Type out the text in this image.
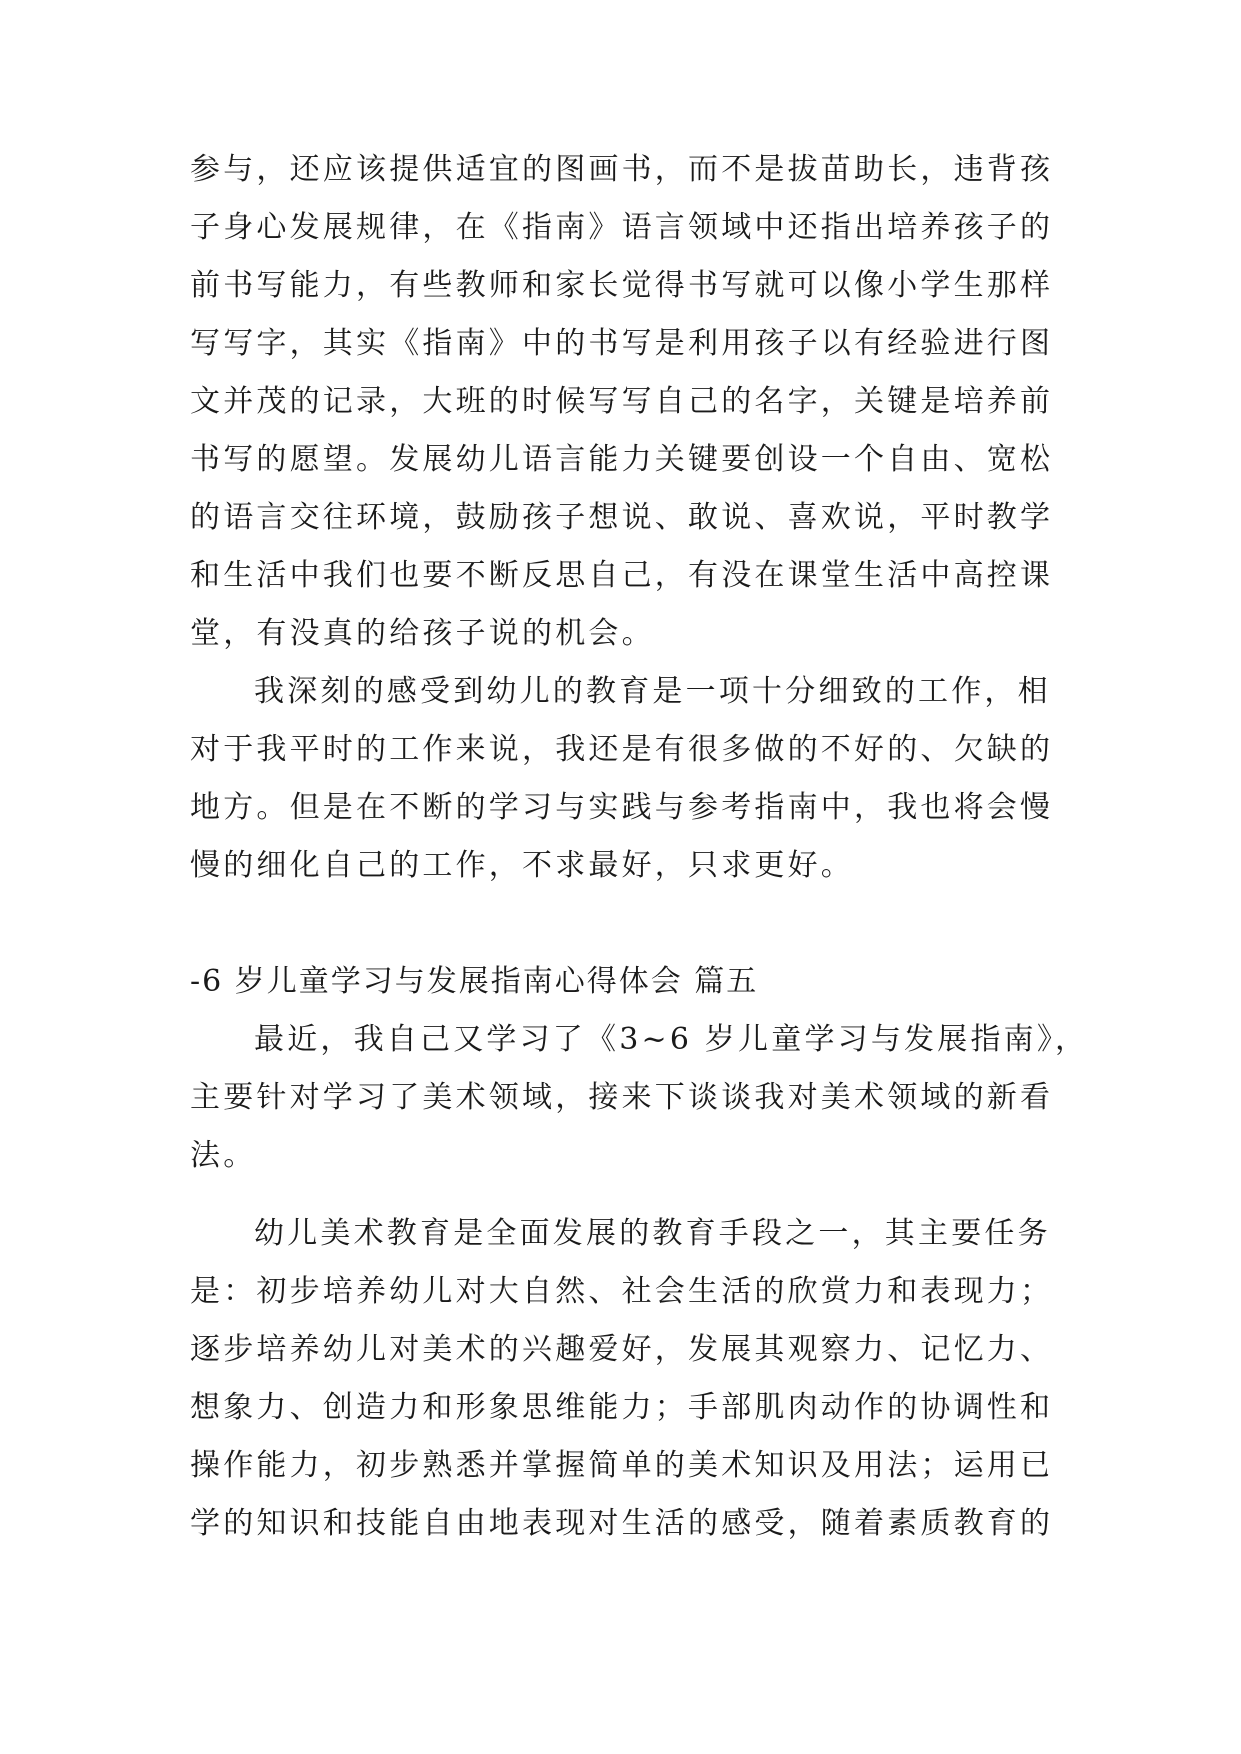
参与，还应该提供适宜的图画书，而不是拔苗助长，违背孩
子身心发展规律，在《指南》语言领域中还指出培养孩子的
前书写能力，有些教师和家长觉得书写就可以像小学生那样
写写字，其实《指南》中的书写是利用孩子以有经验进行图
文并茂的记录，大班的时候写写自己的名字，关键是培养前
书写的愿望。发展幼儿语言能力关键要创设一个自由、宽松
的语言交往环境，鼓励孩子想说、敢说、喜欢说，平时教学
和生活中我们也要不断反思自己，有没在课堂生活中高控课
堂，有没真的给孩子说的机会。
我深刻的感受到幼儿的教育是一项十分细致的工作，相
对于我平时的工作来说，我还是有很多做的不好的、欠缺的
地方。但是在不断的学习与实践与参考指南中，我也将会慢
慢的细化自己的工作，不求最好，只求更好。
-6 岁儿童学习与发展指南心得体会 篇五
最近，我自己又学习了《3~6 岁儿童学习与发展指南》，
主要针对学习了美术领域，接来下谈谈我对美术领域的新看
法。
幼儿美术教育是全面发展的教育手段之一，其主要任务
是：初步培养幼儿对大自然、社会生活的欣赏力和表现力；
逐步培养幼儿对美术的兴趣爱好，发展其观察力、记忆力、
想象力、创造力和形象思维能力；手部肌肉动作的协调性和
操作能力，初步熟悉并掌握简单的美术知识及用法；运用已
学的知识和技能自由地表现对生活的感受，随着素质教育的
